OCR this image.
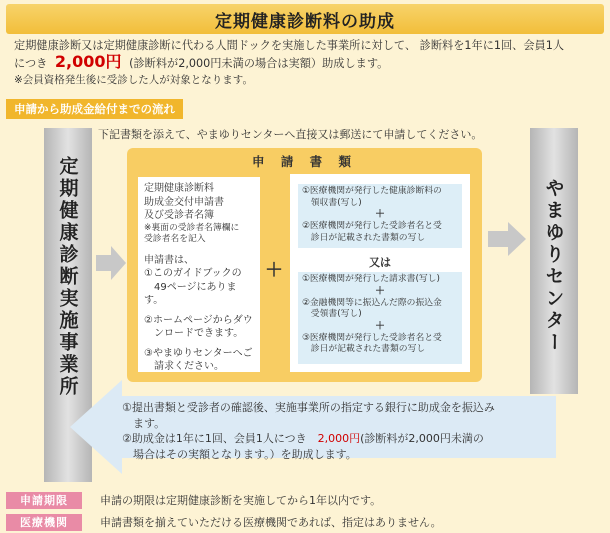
定期健康診断料の助成
定期健康診断又は定期健康診断に代わる人間ドックを実施した事業所に対して、 診断料を1年に1回、会員1人
につき 2,000円 (診断料が2,000円未満の場合は実額）助成します。
※会員資格発生後に受診した人が対象となります。
申請から助成金給付までの流れ
下記書類を添えて、やまゆりセンターへ直接又は郵送にて申請してください。
定期健康診断実施事業所	やまゆりセンター
申 請 書 類
定期健康診断料
助成金交付申請書
及び受診者名簿
※裏面の受診者名簿欄に
受診者名を記入
申請書は、
①このガイドブックの
　49ページにあります。
②ホームページからダウ
　ンロードできます。
③やまゆりセンターへご
　請求ください。
＋
①医療機関が発行した健康診断料の
　領収書(写し)
＋
②医療機関が発行した受診者名と受
　診日が記載された書類の写し
又は
①医療機関が発行した請求書(写し)
＋
②金融機関等に振込んだ際の振込金
　受領書(写し)
＋
③医療機関が発行した受診者名と受
　診日が記載された書類の写し
①提出書類と受診者の確認後、実施事業所の指定する銀行に助成金を振込み
　ます。
②助成金は1年に1回、会員1人につき　2,000円(診断料が2,000円未満の
　場合はその実額となります。）を助成します。
申請期限	申請の期限は定期健康診断を実施してから1年以内です。
医療機関	申請書類を揃えていただける医療機関であれば、指定はありません。
